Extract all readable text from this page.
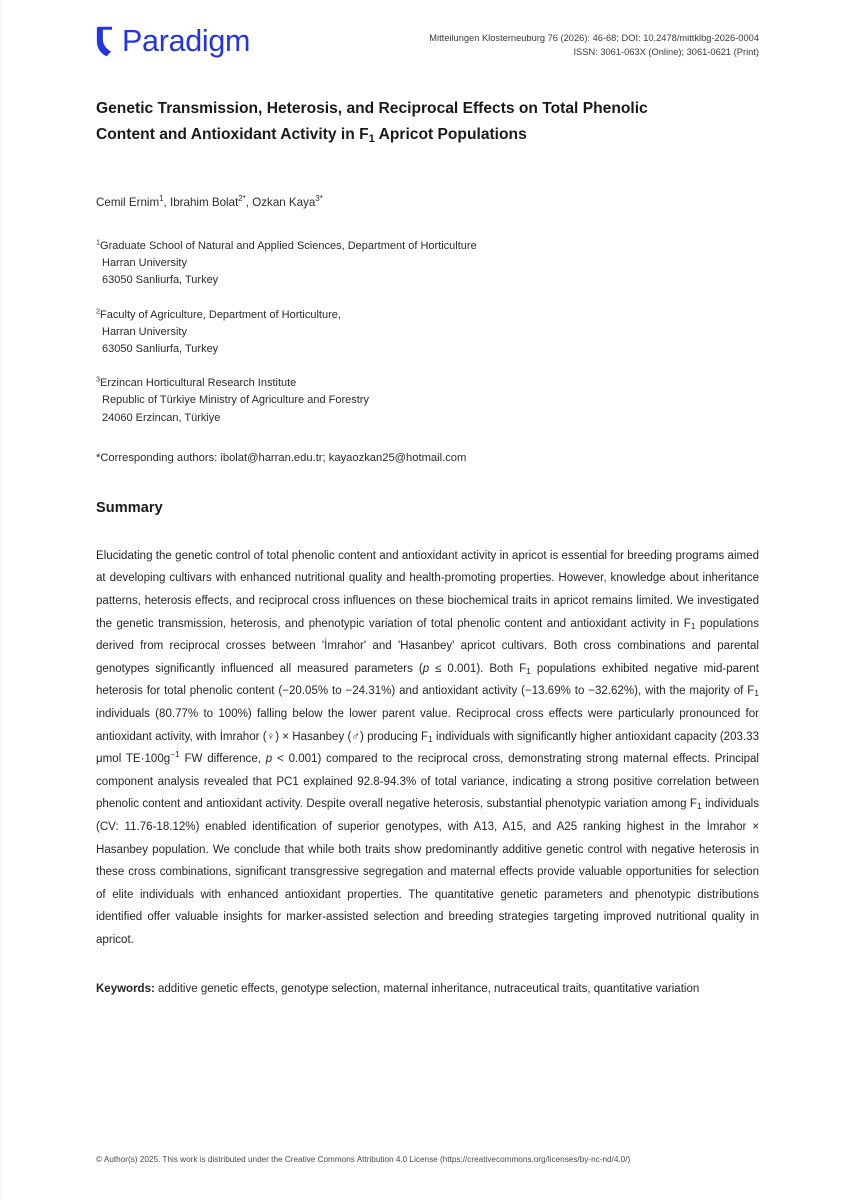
Paradigm	Mitteilungen Klosterneuburg 76 (2026): 46-68; DOI: 10.2478/mittklbg-2026-0004
ISSN: 3061-063X (Online); 3061-0621 (Print)
Genetic Transmission, Heterosis, and Reciprocal Effects on Total Phenolic
Content and Antioxidant Activity in $F_1$ Apricot Populations
Cemil Ernim$^1$, Ibrahim Bolat$^{2*}$, Ozkan Kaya$^{3*}$
$^1$Graduate School of Natural and Applied Sciences, Department of Horticulture
Harran University
63050 Sanliurfa, Turkey
$^2$Faculty of Agriculture, Department of Horticulture,
Harran University
63050 Sanliurfa, Turkey
$^3$Erzincan Horticultural Research Institute
Republic of Türkiye Ministry of Agriculture and Forestry
24060 Erzincan, Türkiye
*Corresponding authors: ibolat@harran.edu.tr; kayaozkan25@hotmail.com
Summary
Elucidating the genetic control of total phenolic content and antioxidant activity in apricot is essential for breeding programs aimed at developing cultivars with enhanced nutritional quality and health-promoting properties. However, knowledge about inheritance patterns, heterosis effects, and reciprocal cross influences on these biochemical traits in apricot remains limited. We investigated the genetic transmission, heterosis, and phenotypic variation of total phenolic content and antioxidant activity in $F_1$ populations derived from reciprocal crosses between 'İmrahor' and 'Hasanbey' apricot cultivars. Both cross combinations and parental genotypes significantly influenced all measured parameters (p ≤ 0.001). Both $F_1$ populations exhibited negative mid-parent heterosis for total phenolic content (−20.05% to −24.31%) and antioxidant activity (−13.69% to −32.62%), with the majority of $F_1$ individuals (80.77% to 100%) falling below the lower parent value. Reciprocal cross effects were particularly pronounced for antioxidant activity, with İmrahor (♀) × Hasanbey (♂) producing $F_1$ individuals with significantly higher antioxidant capacity (203.33 μmol $TE\cdot 100g^{-1}$ FW difference, p < 0.001) compared to the reciprocal cross, demonstrating strong maternal effects. Principal component analysis revealed that PC1 explained 92.8-94.3% of total variance, indicating a strong positive correlation between phenolic content and antioxidant activity. Despite overall negative heterosis, substantial phenotypic variation among $F_1$ individuals (CV: 11.76-18.12%) enabled identification of superior genotypes, with A13, A15, and A25 ranking highest in the İmrahor × Hasanbey population. We conclude that while both traits show predominantly additive genetic control with negative heterosis in these cross combinations, significant transgressive segregation and maternal effects provide valuable opportunities for selection of elite individuals with enhanced antioxidant properties. The quantitative genetic parameters and phenotypic distributions identified offer valuable insights for marker-assisted selection and breeding strategies targeting improved nutritional quality in apricot.
Keywords: additive genetic effects, genotype selection, maternal inheritance, nutraceutical traits, quantitative variation
© Author(s) 2025. This work is distributed under the Creative Commons Attribution 4.0 License (https://creativecommons.org/licenses/by-nc-nd/4.0/)
